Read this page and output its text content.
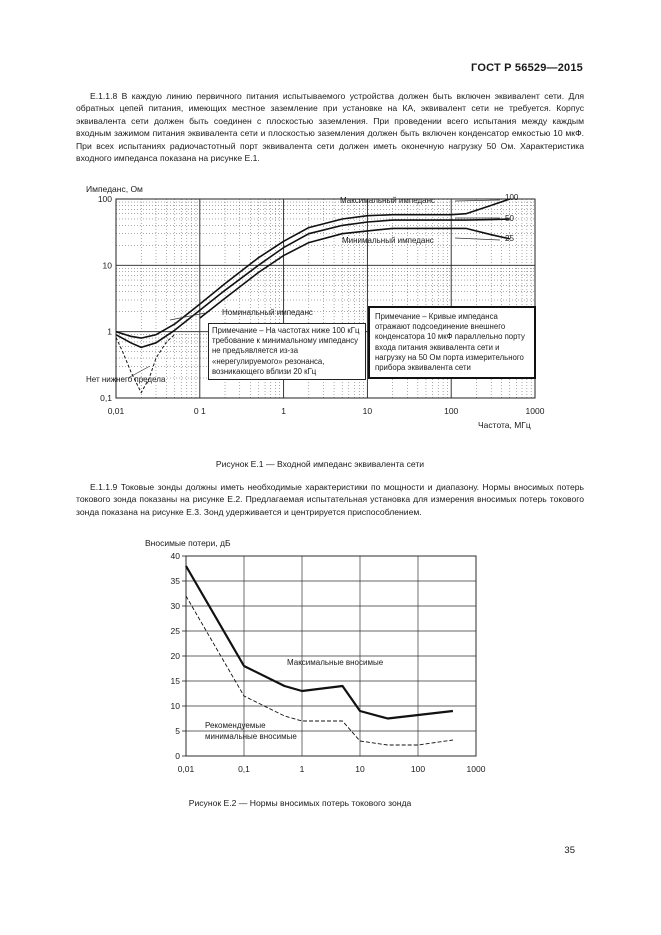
ГОСТ Р 56529—2015

Е.1.1.8 В каждую линию первичного питания испытываемого устройства должен быть включен эквивалент сети. Для обратных цепей питания, имеющих местное заземление при установке на КА, эквивалент сети не требуется. Корпус эквивалента сети должен быть соединен с плоскостью заземления. При проведении всего испытания между каждым входным зажимом питания эквивалента сети и плоскостью заземления должен быть включен конденсатор емкостью 10 мкФ. При всех испытаниях радиочастотный порт эквивалента сети должен иметь оконечную нагрузку 50 Ом. Характеристика входного импеданса показана на рисунке Е.1.

0,01	0 1	1	10	100	1000
0,1
1
10
100
Импеданс, Ом
Частота, МГц
Максимальный импеданс
Минимальный импеданс
Номинальный импеданс
Нет нижнего предела
100
50
25
Примечание – На частотах ниже 100 кГц требование к минимальному импедансу не предъявляется из-за «нерегулируемого» резонанса, возникающего вблизи 20 кГц
Примечание – Кривые импеданса отражают подсоединение внешнего конденсатора 10 мкФ параллельно порту входа питания эквивалента сети и нагрузку на 50 Ом порта измерительного прибора эквивалента сети
Рисунок Е.1 — Входной импеданс эквивалента сети

Е.1.1.9 Токовые зонды должны иметь необходимые характеристики по мощности и диапазону. Нормы вносимых потерь токового зонда показаны на рисунке Е.2. Предлагаемая испытательная установка для измерения вносимых потерь токового зонда показана на рисунке Е.3. Зонд удерживается и центрируется приспособлением.

0,01	0,1	1	10	100	1000
0
5
10
15
20
25
30
35
40
Вносимые потери, дБ
Максимальные вносимые
Рекомендуемые
минимальные вносимые
Рисунок Е.2 — Нормы вносимых потерь токового зонда
35
